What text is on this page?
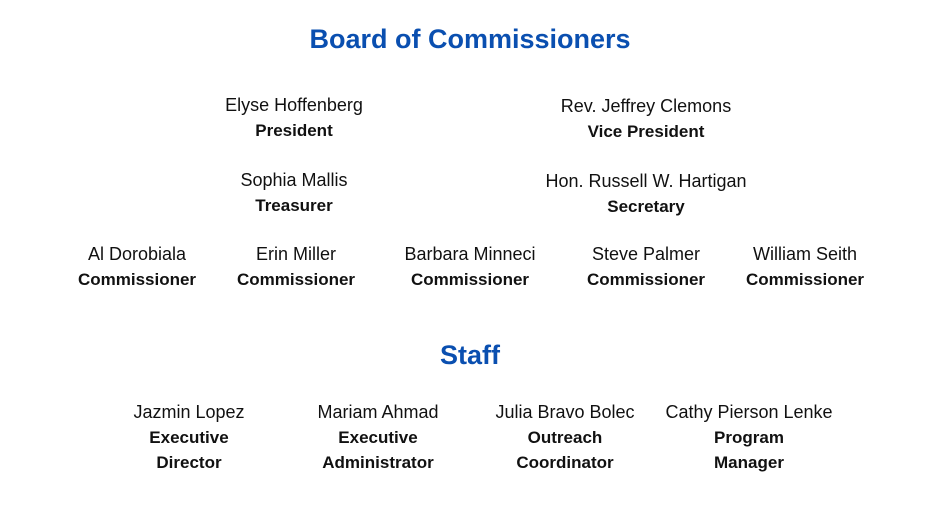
Board of Commissioners
Elyse Hoffenberg
President
Rev. Jeffrey Clemons
Vice President
Sophia Mallis
Treasurer
Hon. Russell W. Hartigan
Secretary
Al Dorobiala
Commissioner
Erin Miller
Commissioner
Barbara Minneci
Commissioner
Steve Palmer
Commissioner
William Seith
Commissioner
Staff
Jazmin Lopez
Executive
Director
Mariam Ahmad
Executive
Administrator
Julia Bravo Bolec
Outreach
Coordinator
Cathy Pierson Lenke
Program
Manager
